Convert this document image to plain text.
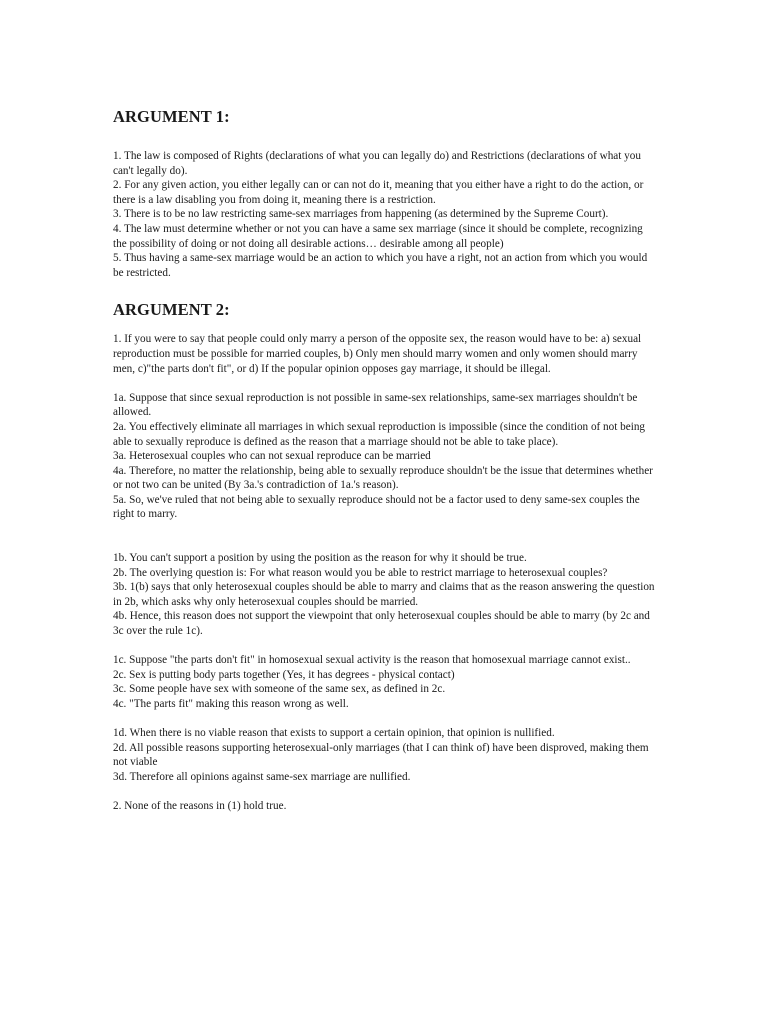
ARGUMENT 1:

1. The law is composed of Rights (declarations of what you can legally do) and Restrictions (declarations of what you can't legally do).

2. For any given action, you either legally can or can not do it, meaning that you either have a right to do the action, or there is a law disabling you from doing it, meaning there is a restriction.

3. There is to be no law restricting same-sex marriages from happening (as determined by the Supreme Court).

4. The law must determine whether or not you can have a same sex marriage (since it should be complete, recognizing the possibility of doing or not doing all desirable actions… desirable among all people)

5. Thus having a same-sex marriage would be an action to which you have a right, not an action from which you would be restricted.

ARGUMENT 2:

1. If you were to say that people could only marry a person of the opposite sex, the reason would have to be: a) sexual reproduction must be possible for married couples, b) Only men should marry women and only women should marry men, c)"the parts don't fit", or d) If the popular opinion opposes gay marriage, it should be illegal.

1a. Suppose that since sexual reproduction is not possible in same-sex relationships, same-sex marriages shouldn't be allowed.

2a. You effectively eliminate all marriages in which sexual reproduction is impossible (since the condition of not being able to sexually reproduce is defined as the reason that a marriage should not be able to take place).

3a. Heterosexual couples who can not sexual reproduce can be married

4a. Therefore, no matter the relationship, being able to sexually reproduce shouldn't be the issue that determines whether or not two can be united (By 3a.'s contradiction of 1a.'s reason).

5a. So, we've ruled that not being able to sexually reproduce should not be a factor used to deny same-sex couples the right to marry.

1b. You can't support a position by using the position as the reason for why it should be true.

2b. The overlying question is: For what reason would you be able to restrict marriage to heterosexual couples?

3b. 1(b) says that only heterosexual couples should be able to marry and claims that as the reason answering the question in 2b, which asks why only heterosexual couples should be married.

4b. Hence, this reason does not support the viewpoint that only heterosexual couples should be able to marry (by 2c and 3c over the rule 1c).

1c. Suppose "the parts don't fit" in homosexual sexual activity is the reason that homosexual marriage cannot exist..

2c. Sex is putting body parts together (Yes, it has degrees - physical contact)

3c. Some people have sex with someone of the same sex, as defined in 2c.

4c. "The parts fit" making this reason wrong as well.

1d. When there is no viable reason that exists to support a certain opinion, that opinion is nullified.

2d. All possible reasons supporting heterosexual-only marriages (that I can think of) have been disproved, making them not viable

3d. Therefore all opinions against same-sex marriage are nullified.

2. None of the reasons in (1) hold true.
